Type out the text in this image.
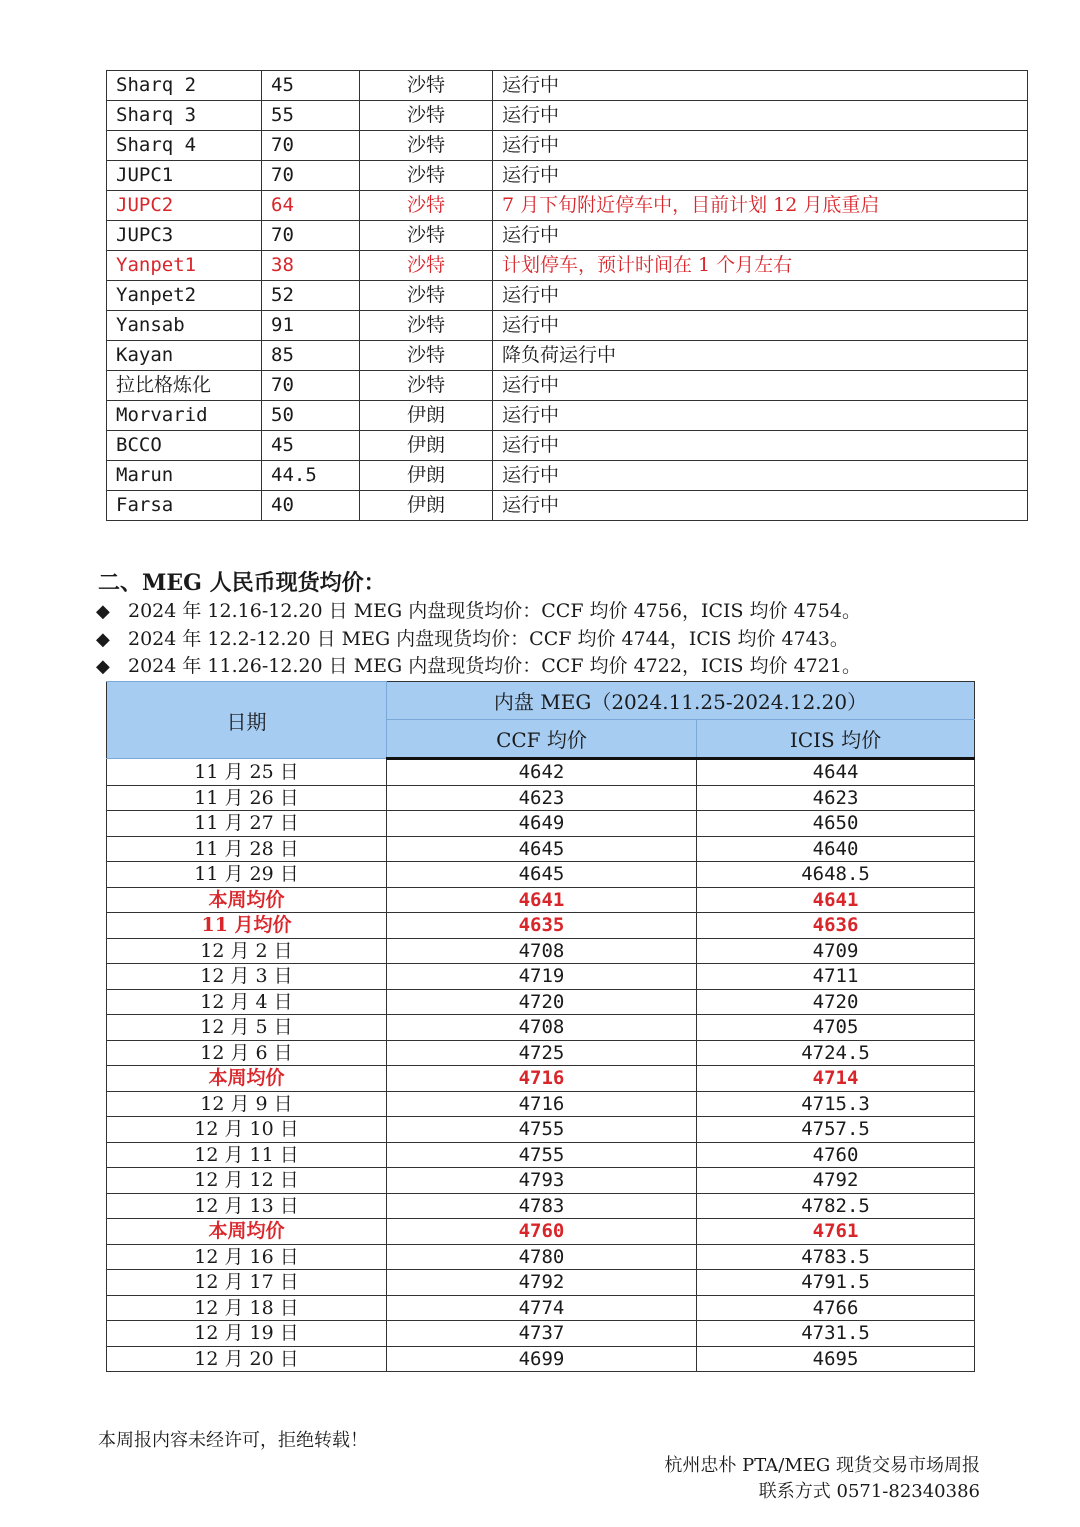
Sharq 2	45	沙特	运行中
Sharq 3	55	沙特	运行中
Sharq 4	70	沙特	运行中
JUPC1	70	沙特	运行中
JUPC2	64	沙特	7 月下旬附近停车中，目前计划 12 月底重启
JUPC3	70	沙特	运行中
Yanpet1	38	沙特	计划停车，预计时间在 1 个月左右
Yanpet2	52	沙特	运行中
Yansab	91	沙特	运行中
Kayan	85	沙特	降负荷运行中
拉比格炼化	70	沙特	运行中
Morvarid	50	伊朗	运行中
BCCO	45	伊朗	运行中
Marun	44.5	伊朗	运行中
Farsa	40	伊朗	运行中
二、MEG 人民币现货均价：
◆ 2024 年 12.16-12.20 日 MEG 内盘现货均价：CCF 均价 4756，ICIS 均价 4754。
◆ 2024 年 12.2-12.20 日 MEG 内盘现货均价：CCF 均价 4744，ICIS 均价 4743。
◆ 2024 年 11.26-12.20 日 MEG 内盘现货均价：CCF 均价 4722，ICIS 均价 4721。
日期	内盘 MEG（2024.11.25-2024.12.20）	
	CCF 均价	ICIS 均价
11 月 25 日	4642	4644
11 月 26 日	4623	4623
11 月 27 日	4649	4650
11 月 28 日	4645	4640
11 月 29 日	4645	4648.5
本周均价	4641	4641
11 月均价	4635	4636
12 月 2 日	4708	4709
12 月 3 日	4719	4711
12 月 4 日	4720	4720
12 月 5 日	4708	4705
12 月 6 日	4725	4724.5
本周均价	4716	4714
12 月 9 日	4716	4715.3
12 月 10 日	4755	4757.5
12 月 11 日	4755	4760
12 月 12 日	4793	4792
12 月 13 日	4783	4782.5
本周均价	4760	4761
12 月 16 日	4780	4783.5
12 月 17 日	4792	4791.5
12 月 18 日	4774	4766
12 月 19 日	4737	4731.5
12 月 20 日	4699	4695

本周报内容未经许可，拒绝转载！

杭州忠朴 PTA/MEG 现货交易市场周报

联系方式 0571-82340386
